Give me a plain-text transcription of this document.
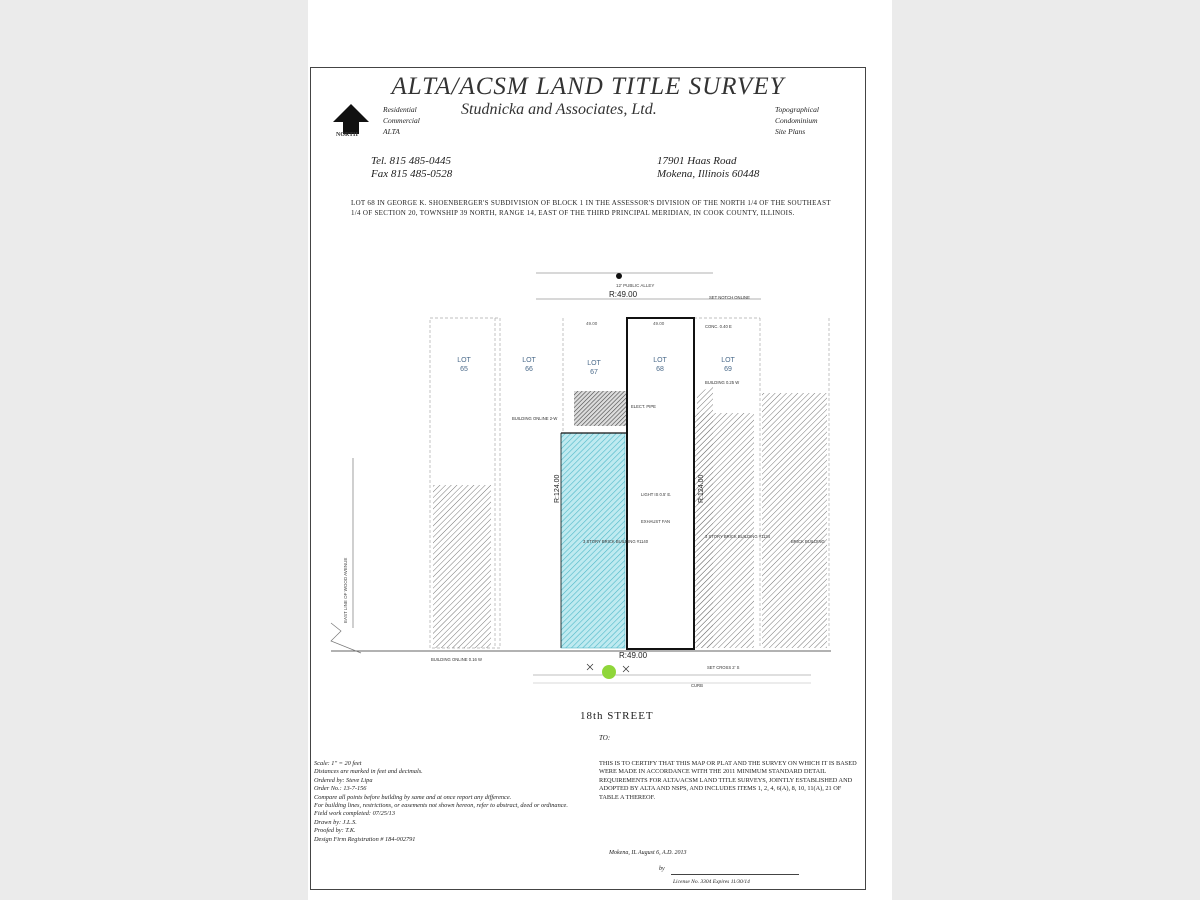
ALTA/ACSM LAND TITLE SURVEY
NORTH
Residential
Commercial
ALTA
Studnicka and Associates, Ltd.	Topographical
Condominium
Site Plans
Tel. 815 485-0445
Fax 815 485-0528
17901 Haas Road
Mokena, Illinois 60448
LOT 68 IN GEORGE K. SHOENBERGER'S SUBDIVISION OF BLOCK 1 IN THE ASSESSOR'S DIVISION OF THE NORTH 1/4 OF THE SOUTHEAST 1/4 OF SECTION 20, TOWNSHIP 39 NORTH, RANGE 14, EAST OF THE THIRD PRINCIPAL MERIDIAN, IN COOK COUNTY, ILLINOIS.
12' PUBLIC ALLEY
R:49.00
LOT
65
LOT
66
LOT
67
LOT
68
LOT
69
R:124.00	R:124.00
R:49.00
EAST LINE OF WOOD AVENUE
49.00	49.00
BUILDING ONLINE 2-W
3 STORY BRICK BUILDING #1140
BUILDING ONLINE 0.16 W
SET NOTCH ONLINE
CONC. 0.40 E
BUILDING 0.25 W
ELECT. PIPE
LIGHT IS 0.5' E.
EXHAUST FAN
3 STORY BRICK BUILDING #1134
BRICK BUILDING
SET CROSS 2' S
CURB
18th STREET
TO:
Scale: 1" = 20 feet
Distances are marked in feet and decimals.
Ordered by: Steve Lipa
Order No.: 13-7-156
Compare all points before building by same and at once report any difference.
For building lines, restrictions, or easements not shown hereon, refer to abstract, deed or ordinance.
Field work completed: 07/25/13
Drawn by: J.L.S.
Proofed by: T.K.
Design Firm Registration # 184-002791
THIS IS TO CERTIFY THAT THIS MAP OR PLAT AND THE SURVEY ON WHICH IT IS BASED WERE MADE IN ACCORDANCE WITH THE 2011 MINIMUM STANDARD DETAIL REQUIREMENTS FOR ALTA/ACSM LAND TITLE SURVEYS, JOINTLY ESTABLISHED AND ADOPTED BY ALTA AND NSPS, AND INCLUDES ITEMS 1, 2, 4, 6(A), 8, 10, 11(A), 21 OF TABLE A THEREOF.
Mokena, IL August 6, A.D. 2013
by
License No. 3304 Expires 11/30/14
